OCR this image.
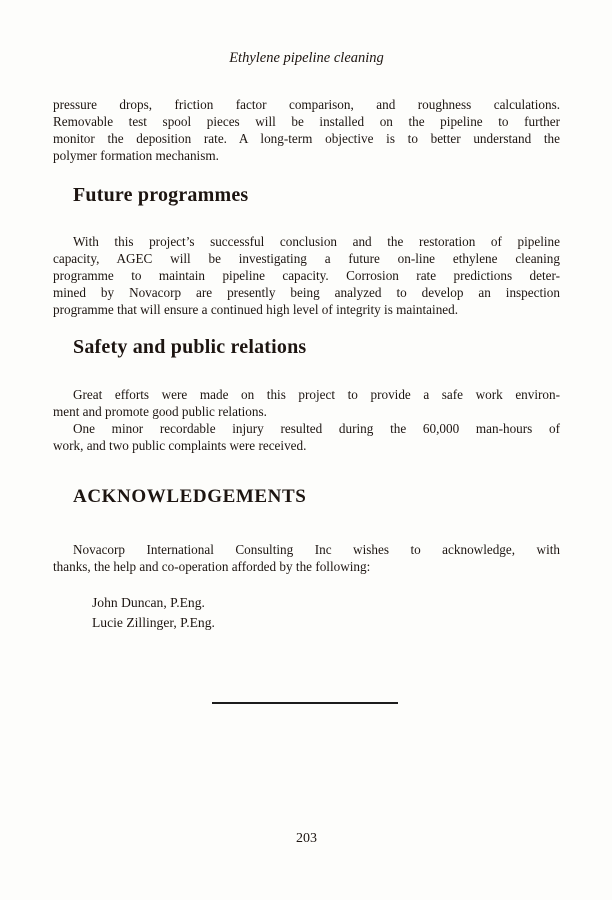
Ethylene pipeline cleaning
pressure drops, friction factor comparison, and roughness calculations.
Removable test spool pieces will be installed on the pipeline to further
monitor the deposition rate. A long-term objective is to better understand the
polymer formation mechanism.
Future programmes
With this project’s successful conclusion and the restoration of pipeline
capacity, AGEC will be investigating a future on-line ethylene cleaning
programme to maintain pipeline capacity. Corrosion rate predictions deter-
mined by Novacorp are presently being analyzed to develop an inspection
programme that will ensure a continued high level of integrity is maintained.
Safety and public relations
Great efforts were made on this project to provide a safe work environ-
ment and promote good public relations.
One minor recordable injury resulted during the 60,000 man-hours of
work, and two public complaints were received.
ACKNOWLEDGEMENTS
Novacorp International Consulting Inc wishes to acknowledge, with
thanks, the help and co-operation afforded by the following:
John Duncan, P.Eng.
Lucie Zillinger, P.Eng.
203
